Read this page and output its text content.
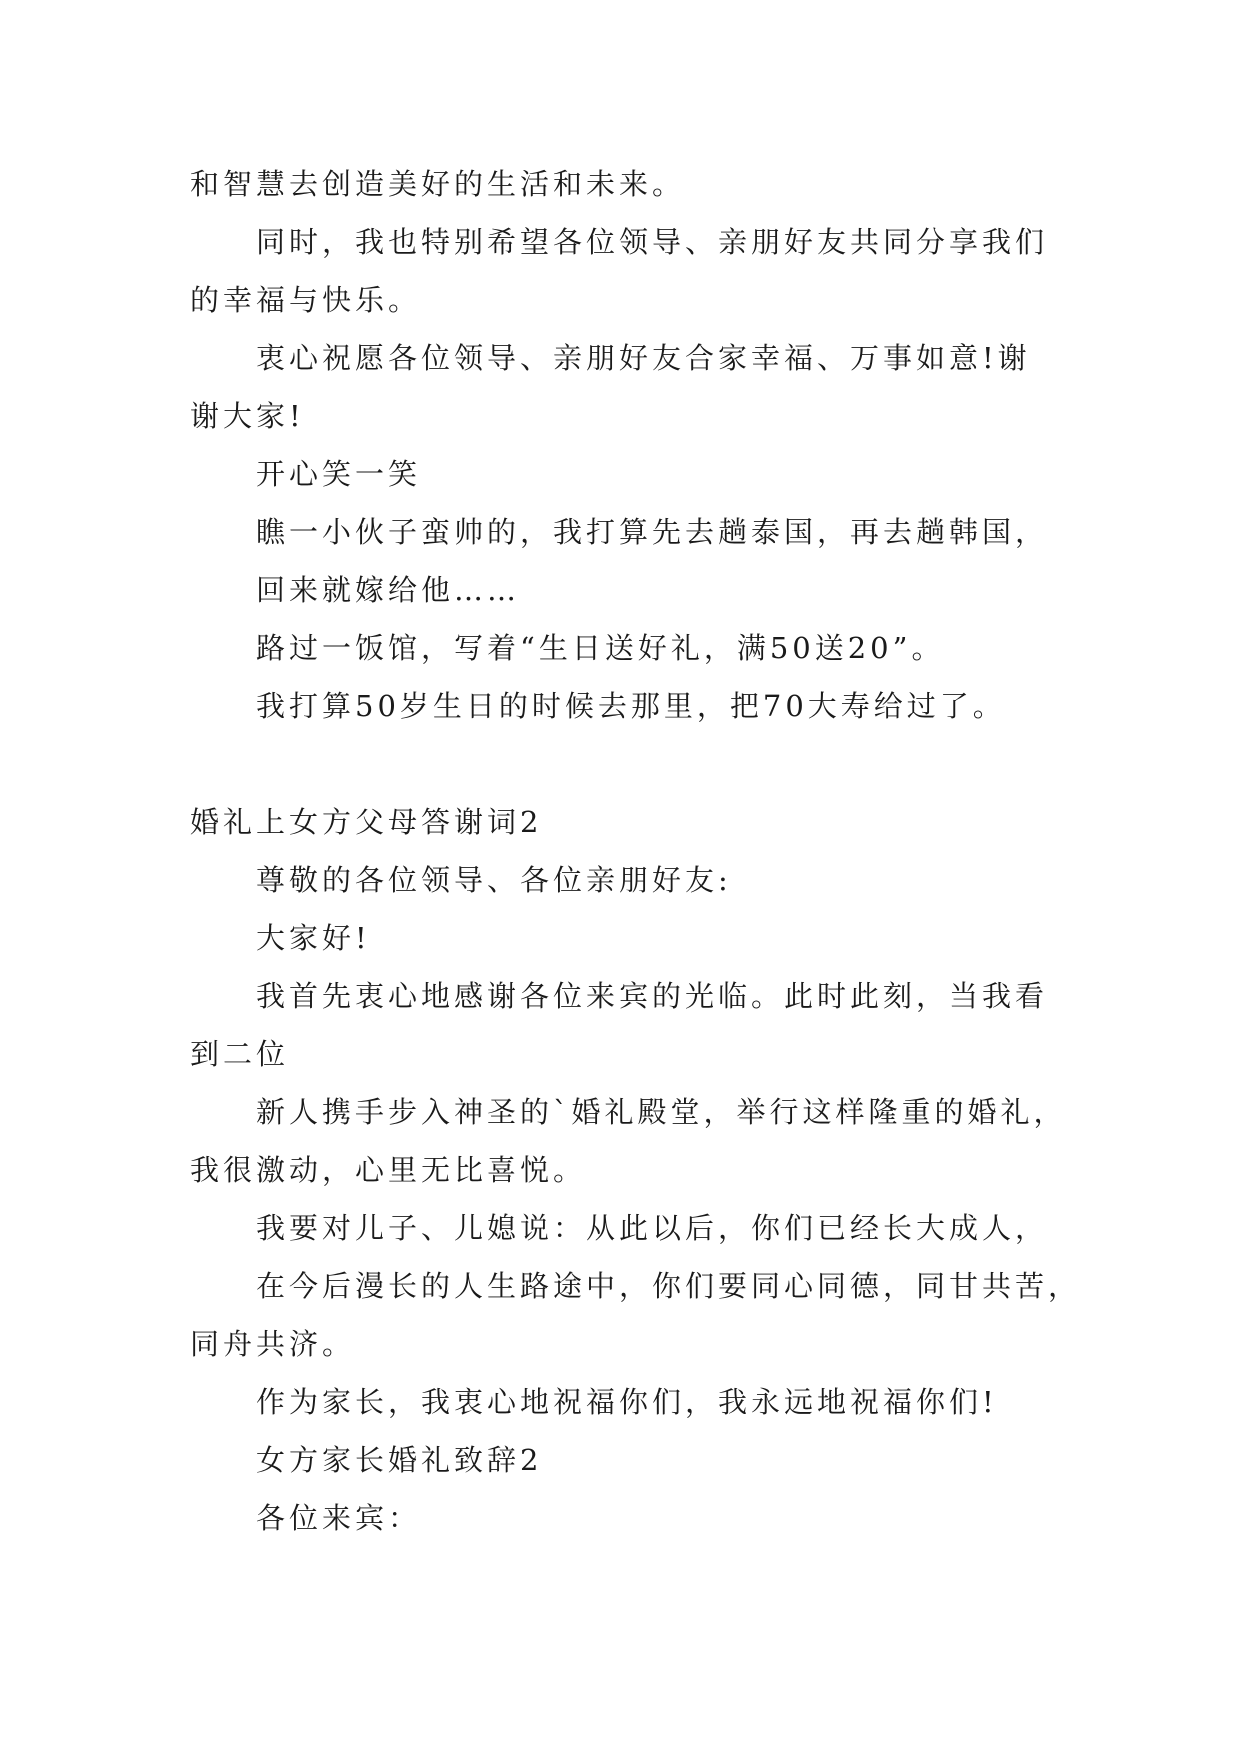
和智慧去创造美好的生活和未来。
同时，我也特别希望各位领导、亲朋好友共同分享我们
的幸福与快乐。
衷心祝愿各位领导、亲朋好友合家幸福、万事如意!谢
谢大家!
开心笑一笑
瞧一小伙子蛮帅的，我打算先去趟泰国，再去趟韩国，
回来就嫁给他……
路过一饭馆，写着“生日送好礼，满50送20”。
我打算50岁生日的时候去那里，把70大寿给过了。
婚礼上女方父母答谢词2
尊敬的各位领导、各位亲朋好友:
大家好!
我首先衷心地感谢各位来宾的光临。此时此刻，当我看
到二位
新人携手步入神圣的`婚礼殿堂，举行这样隆重的婚礼，
我很激动，心里无比喜悦。
我要对儿子、儿媳说：从此以后，你们已经长大成人，
在今后漫长的人生路途中，你们要同心同德，同甘共苦，
同舟共济。
作为家长，我衷心地祝福你们，我永远地祝福你们!
女方家长婚礼致辞2
各位来宾：
